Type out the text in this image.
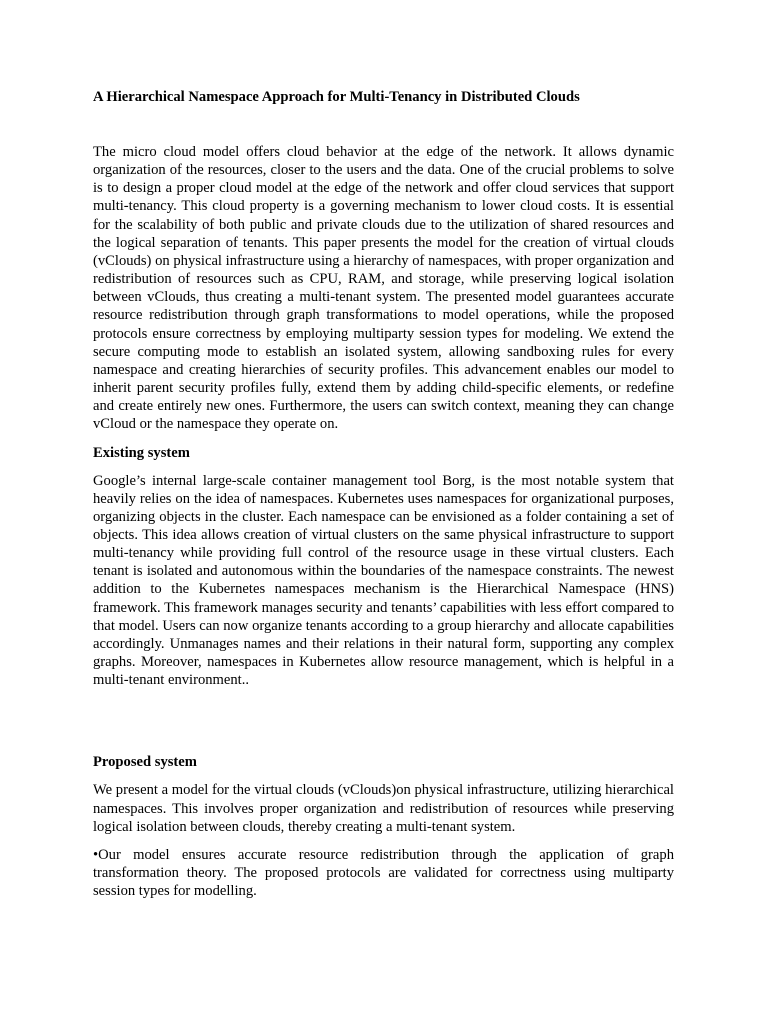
A Hierarchical Namespace Approach for Multi-Tenancy in Distributed Clouds

The micro cloud model offers cloud behavior at the edge of the network. It allows dynamic organization of the resources, closer to the users and the data. One of the crucial problems to solve is to design a proper cloud model at the edge of the network and offer cloud services that support multi-tenancy. This cloud property is a governing mechanism to lower cloud costs. It is essential for the scalability of both public and private clouds due to the utilization of shared resources and the logical separation of tenants. This paper presents the model for the creation of virtual clouds (vClouds) on physical infrastructure using a hierarchy of namespaces, with proper organization and redistribution of resources such as CPU, RAM, and storage, while preserving logical isolation between vClouds, thus creating a multi-tenant system. The presented model guarantees accurate resource redistribution through graph transformations to model operations, while the proposed protocols ensure correctness by employing multiparty session types for modeling. We extend the secure computing mode to establish an isolated system, allowing sandboxing rules for every namespace and creating hierarchies of security profiles. This advancement enables our model to inherit parent security profiles fully, extend them by adding child-specific elements, or redefine and create entirely new ones. Furthermore, the users can switch context, meaning they can change vCloud or the namespace they operate on.

Existing system

Google’s internal large-scale container management tool Borg, is the most notable system that heavily relies on the idea of namespaces. Kubernetes uses namespaces for organizational purposes, organizing objects in the cluster. Each namespace can be envisioned as a folder containing a set of objects. This idea allows creation of virtual clusters on the same physical infrastructure to support multi-tenancy while providing full control of the resource usage in these virtual clusters. Each tenant is isolated and autonomous within the boundaries of the namespace constraints. The newest addition to the Kubernetes namespaces mechanism is the Hierarchical Namespace (HNS) framework. This framework manages security and tenants’ capabilities with less effort compared to that model. Users can now organize tenants according to a group hierarchy and allocate capabilities accordingly. Unmanages names and their relations in their natural form, supporting any complex graphs. Moreover, namespaces in Kubernetes allow resource management, which is helpful in a multi-tenant environment..

Proposed system

We present a model for the virtual clouds (vClouds)on physical infrastructure, utilizing hierarchical namespaces. This involves proper organization and redistribution of resources while preserving logical isolation between clouds, thereby creating a multi-tenant system.

•Our model ensures accurate resource redistribution through the application of graph transformation theory. The proposed protocols are validated for correctness using multiparty session types for modelling.
